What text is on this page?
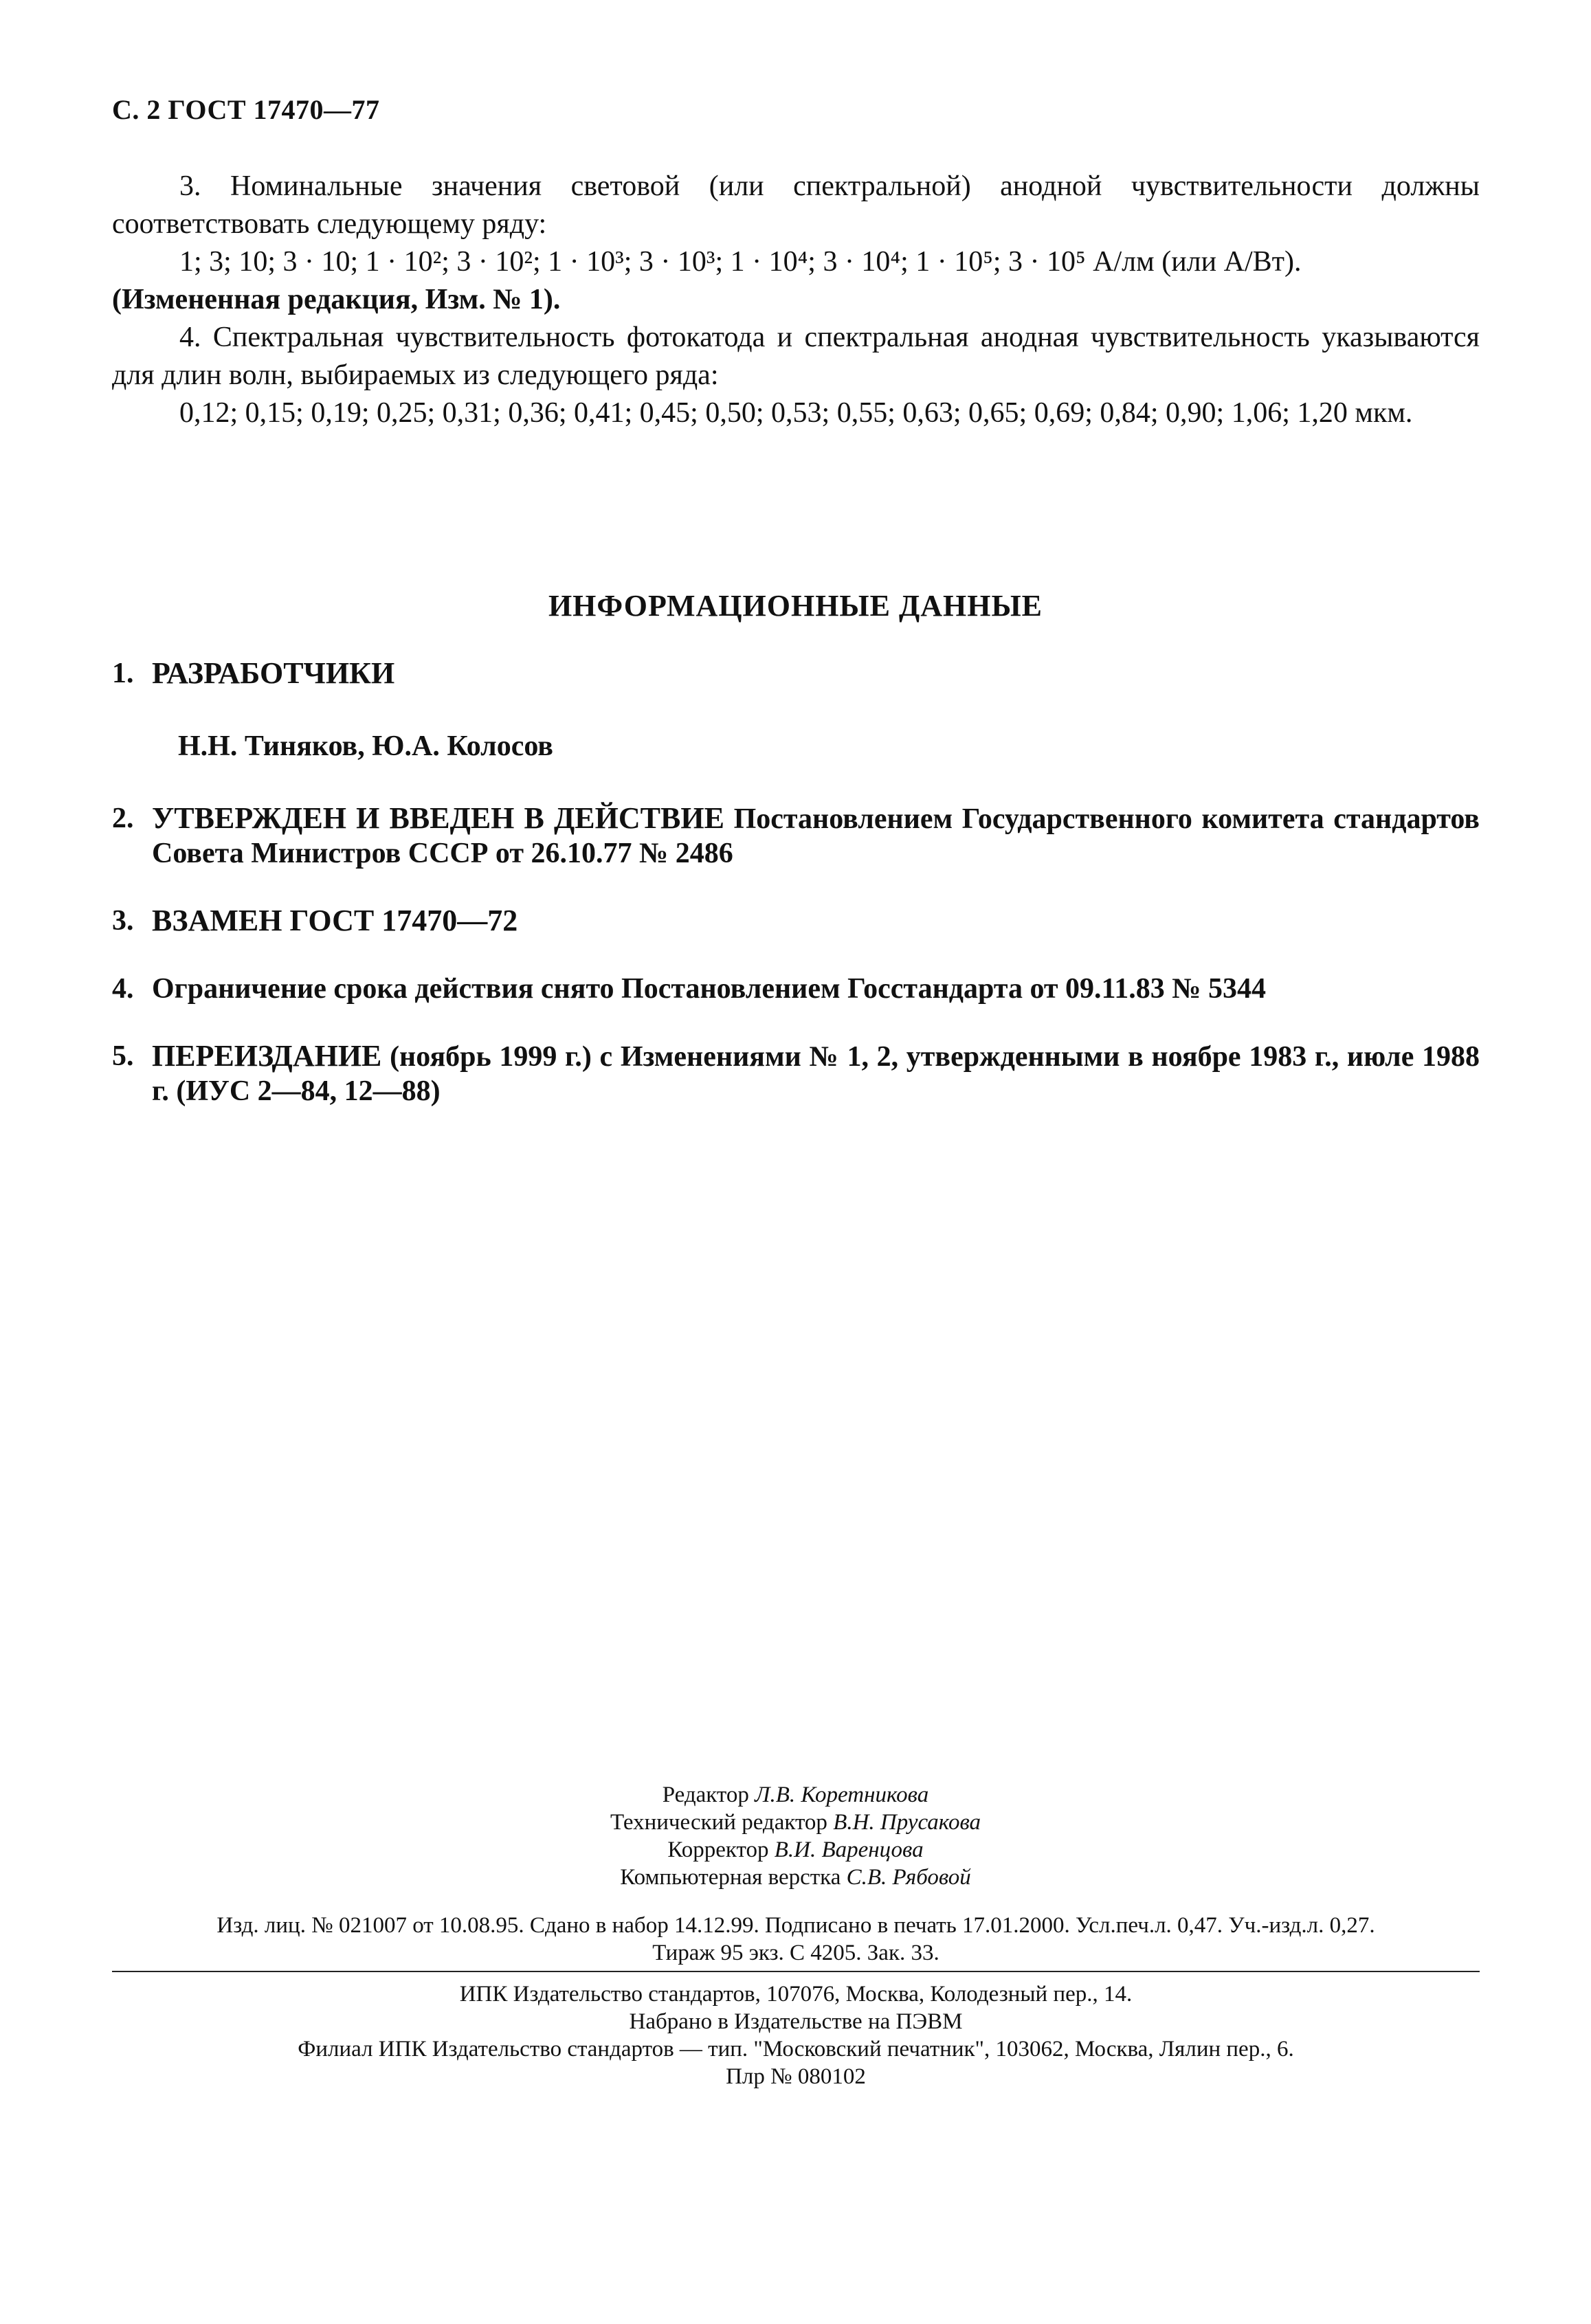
С. 2 ГОСТ 17470—77

3. Номинальные значения световой (или спектральной) анодной чувствительности должны соответствовать следующему ряду:

1; 3; 10; 3 · 10; 1 · 10²; 3 · 10²; 1 · 10³; 3 · 10³; 1 · 10⁴; 3 · 10⁴; 1 · 10⁵; 3 · 10⁵ А/лм (или А/Вт).

(Измененная редакция, Изм. № 1).

4. Спектральная чувствительность фотокатода и спектральная анодная чувствительность указываются для длин волн, выбираемых из следующего ряда:

0,12; 0,15; 0,19; 0,25; 0,31; 0,36; 0,41; 0,45; 0,50; 0,53; 0,55; 0,63; 0,65; 0,69; 0,84; 0,90; 1,06; 1,20 мкм.

ИНФОРМАЦИОННЫЕ ДАННЫЕ
1. РАЗРАБОТЧИКИ

Н.Н. Тиняков, Ю.А. Колосов

2. УТВЕРЖДЕН И ВВЕДЕН В ДЕЙСТВИЕ Постановлением Государственного комитета стандартов Совета Министров СССР от 26.10.77 № 2486
3. ВЗАМЕН ГОСТ 17470—72
4. Ограничение срока действия снято Постановлением Госстандарта от 09.11.83 № 5344
5. ПЕРЕИЗДАНИЕ (ноябрь 1999 г.) с Изменениями № 1, 2, утвержденными в ноябре 1983 г., июле 1988 г. (ИУС 2—84, 12—88)

Редактор Л.В. Коретникова

Технический редактор В.Н. Прусакова

Корректор В.И. Варенцова

Компьютерная верстка С.В. Рябовой

Изд. лиц. № 021007 от 10.08.95. Сдано в набор 14.12.99. Подписано в печать 17.01.2000. Усл.печ.л. 0,47. Уч.-изд.л. 0,27.

Тираж 95 экз. С 4205. Зак. 33.

ИПК Издательство стандартов, 107076, Москва, Колодезный пер., 14.

Набрано в Издательстве на ПЭВМ

Филиал ИПК Издательство стандартов — тип. "Московский печатник", 103062, Москва, Лялин пер., 6.

Плр № 080102
